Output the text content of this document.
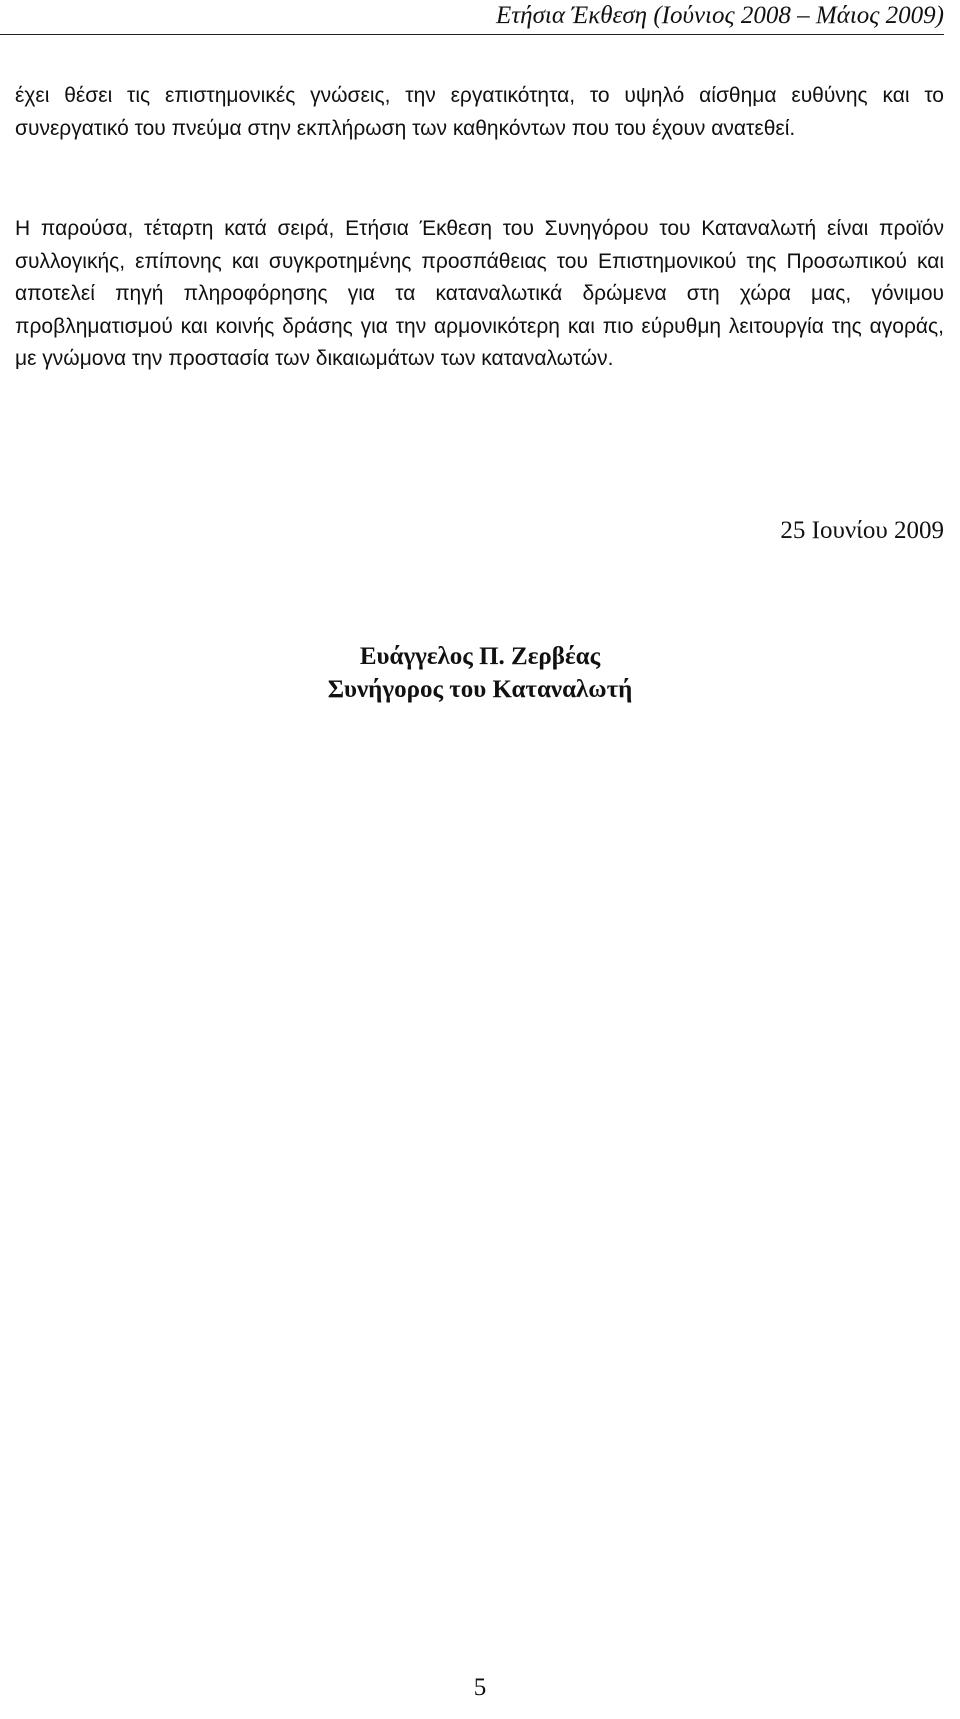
Ετήσια Έκθεση (Ιούνιος 2008 – Μάιος 2009)

έχει θέσει τις επιστημονικές γνώσεις, την εργατικότητα, το υψηλό αίσθημα ευθύνης και το συνεργατικό του πνεύμα στην εκπλήρωση των καθηκόντων που του έχουν ανατεθεί.

Η παρούσα, τέταρτη κατά σειρά, Ετήσια Έκθεση του Συνηγόρου του Καταναλωτή είναι προϊόν συλλογικής, επίπονης και συγκροτημένης προσπάθειας του Επιστημονικού της Προσωπικού και αποτελεί πηγή πληροφόρησης για τα καταναλωτικά δρώμενα στη χώρα μας, γόνιμου προβληματισμού και κοινής δράσης για την αρμονικότερη και πιο εύρυθμη λειτουργία της αγοράς, με γνώμονα την προστασία των δικαιωμάτων των καταναλωτών.

25 Ιουνίου 2009
Ευάγγελος Π. Ζερβέας
Συνήγορος του Καταναλωτή
5
